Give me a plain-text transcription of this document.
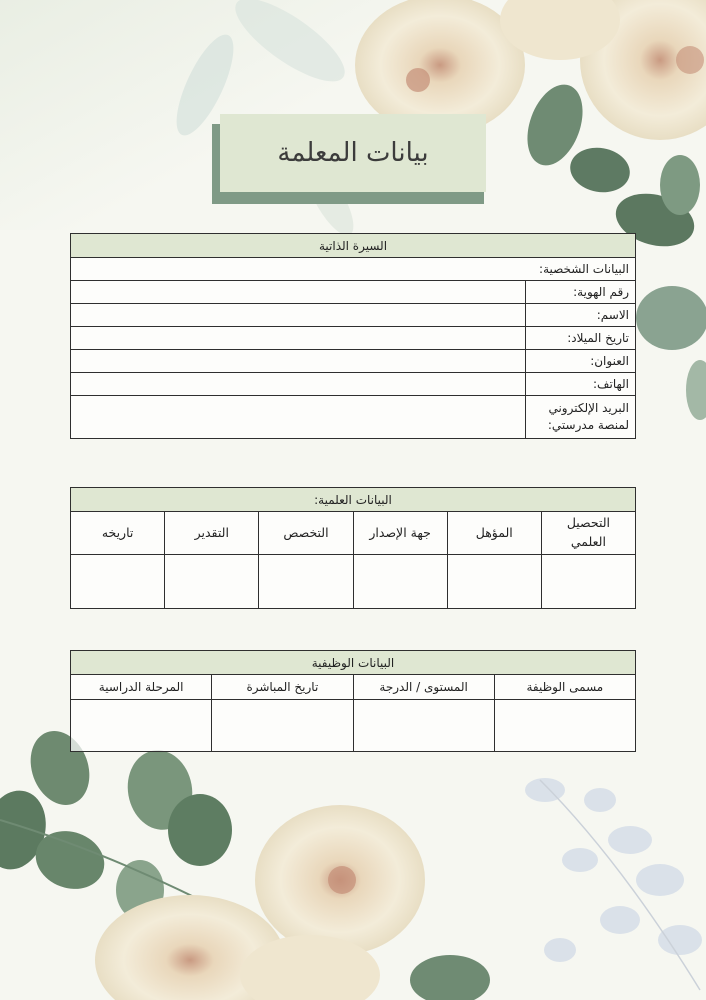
بيانات المعلمة
السيرة الذاتية	
البيانات الشخصية:	
رقم الهوية:	
الاسم:	
تاريخ الميلاد:	
العنوان:	
الهاتف:	
البريد الإلكتروني لمنصة مدرستي:	
البيانات العلمية:					
التحصيل العلمي	المؤهل	جهة الإصدار	التخصص	التقدير	تاريخه

البيانات الوظيفية			
مسمى الوظيفة	المستوى / الدرجة	تاريخ المباشرة	المرحلة الدراسية
